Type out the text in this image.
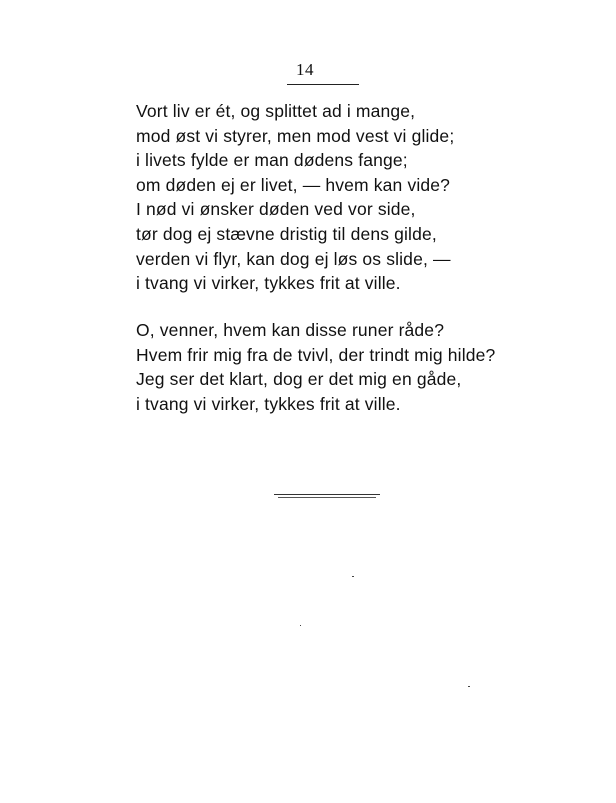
14
Vort liv er ét, og splittet ad i mange,
mod øst vi styrer, men mod vest vi glide;
i livets fylde er man dødens fange;
om døden ej er livet, — hvem kan vide?
I nød vi ønsker døden ved vor side,
tør dog ej stævne dristig til dens gilde,
verden vi flyr, kan dog ej løs os slide, —
i tvang vi virker, tykkes frit at ville.
O, venner, hvem kan disse runer råde?
Hvem frir mig fra de tvivl, der trindt mig hilde?
Jeg ser det klart, dog er det mig en gåde,
i tvang vi virker, tykkes frit at ville.
